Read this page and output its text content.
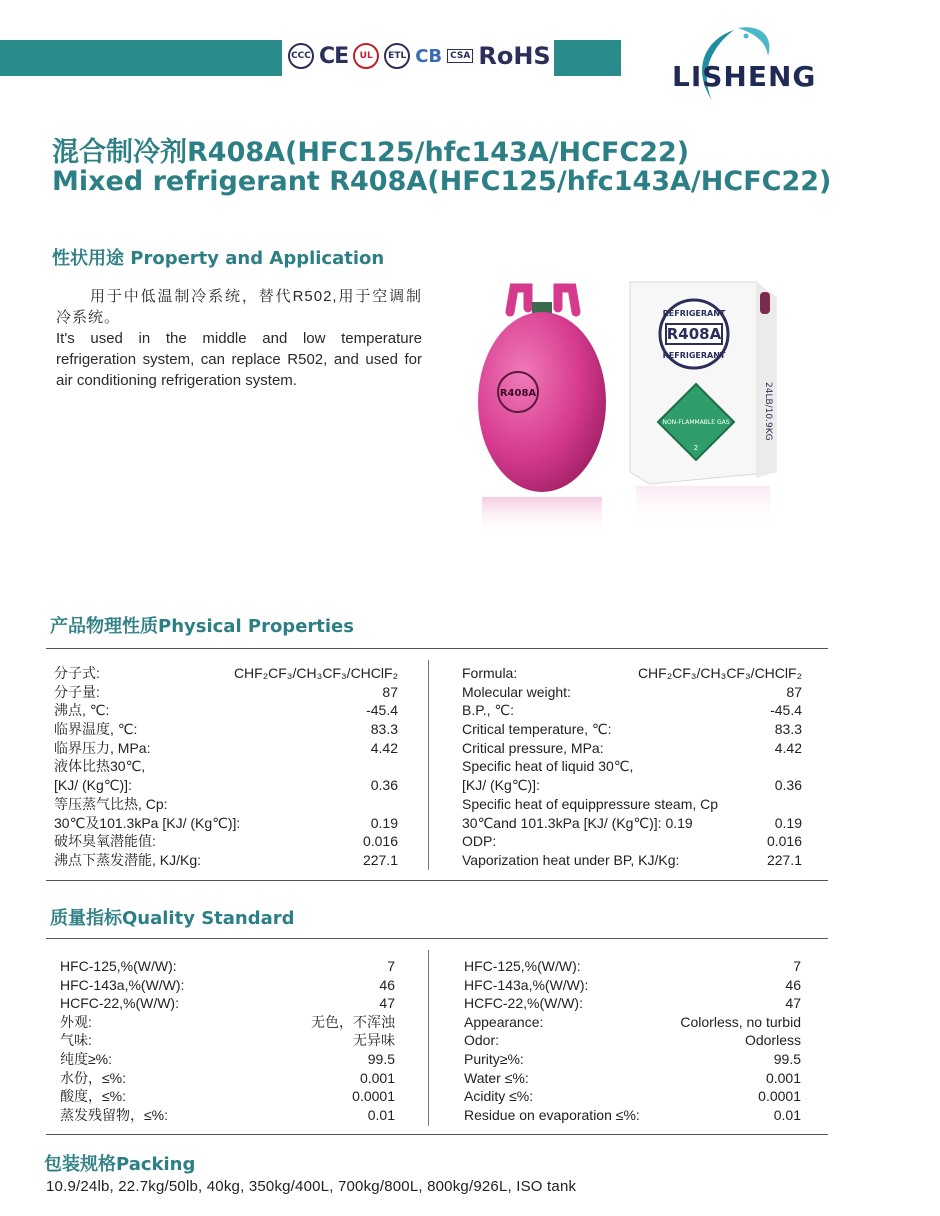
CCC CE	UL	ETL CB CSA RoHS
LISHENG
混合制冷剂R408A(HFC125/hfc143A/HCFC22)
Mixed refrigerant R408A(HFC125/hfc143A/HCFC22)
性状用途 Property and Application
用于中低温制冷系统，替代R502,用于空调制冷系统。
It's used in the middle and low temperature refrigeration system, can replace R502, and used for air conditioning refrigeration system.
R408A
REFRIGERANT
R408A
REFRIGERANT
24LB/10.9KG
NON-FLAMMABLE GAS
2
产品物理性质Physical Properties
分子式:	CHF₂CF₃/CH₃CF₃/CHClF₂
分子量:	87
沸点, ℃:	-45.4
临界温度, ℃:	83.3
临界压力, MPa:	4.42
液体比热30℃,
[KJ/ (Kg℃)]:	0.36
等压蒸气比热, Cp:
30℃及101.3kPa [KJ/ (Kg℃)]:	0.19
破坏臭氧潜能值:	0.016
沸点下蒸发潜能, KJ/Kg:	227.1
Formula:	CHF₂CF₃/CH₃CF₃/CHClF₂
Molecular weight:	87
B.P., ℃:	-45.4
Critical temperature, ℃:	83.3
Critical pressure, MPa:	4.42
Specific heat of liquid 30℃,
[KJ/ (Kg℃)]:	0.36
Specific heat of equippressure steam, Cp
30℃and 101.3kPa [KJ/ (Kg℃)]: 0.19	0.19
ODP:	0.016
Vaporization heat under BP, KJ/Kg:	227.1
质量指标Quality Standard
HFC-125,%(W/W):	7
HFC-143a,%(W/W):	46
HCFC-22,%(W/W):	47
外观:	无色，不浑浊
气味:	无异味
纯度≥%:	99.5
水份，≤%:	0.001
酸度，≤%:	0.0001
蒸发残留物，≤%:	0.01
HFC-125,%(W/W):	7
HFC-143a,%(W/W):	46
HCFC-22,%(W/W):	47
Appearance:	Colorless, no turbid
Odor:	Odorless
Purity≥%:	99.5
Water ≤%:	0.001
Acidity ≤%:	0.0001
Residue on evaporation ≤%:	0.01
包装规格Packing
10.9/24lb, 22.7kg/50lb, 40kg, 350kg/400L, 700kg/800L, 800kg/926L, ISO tank
